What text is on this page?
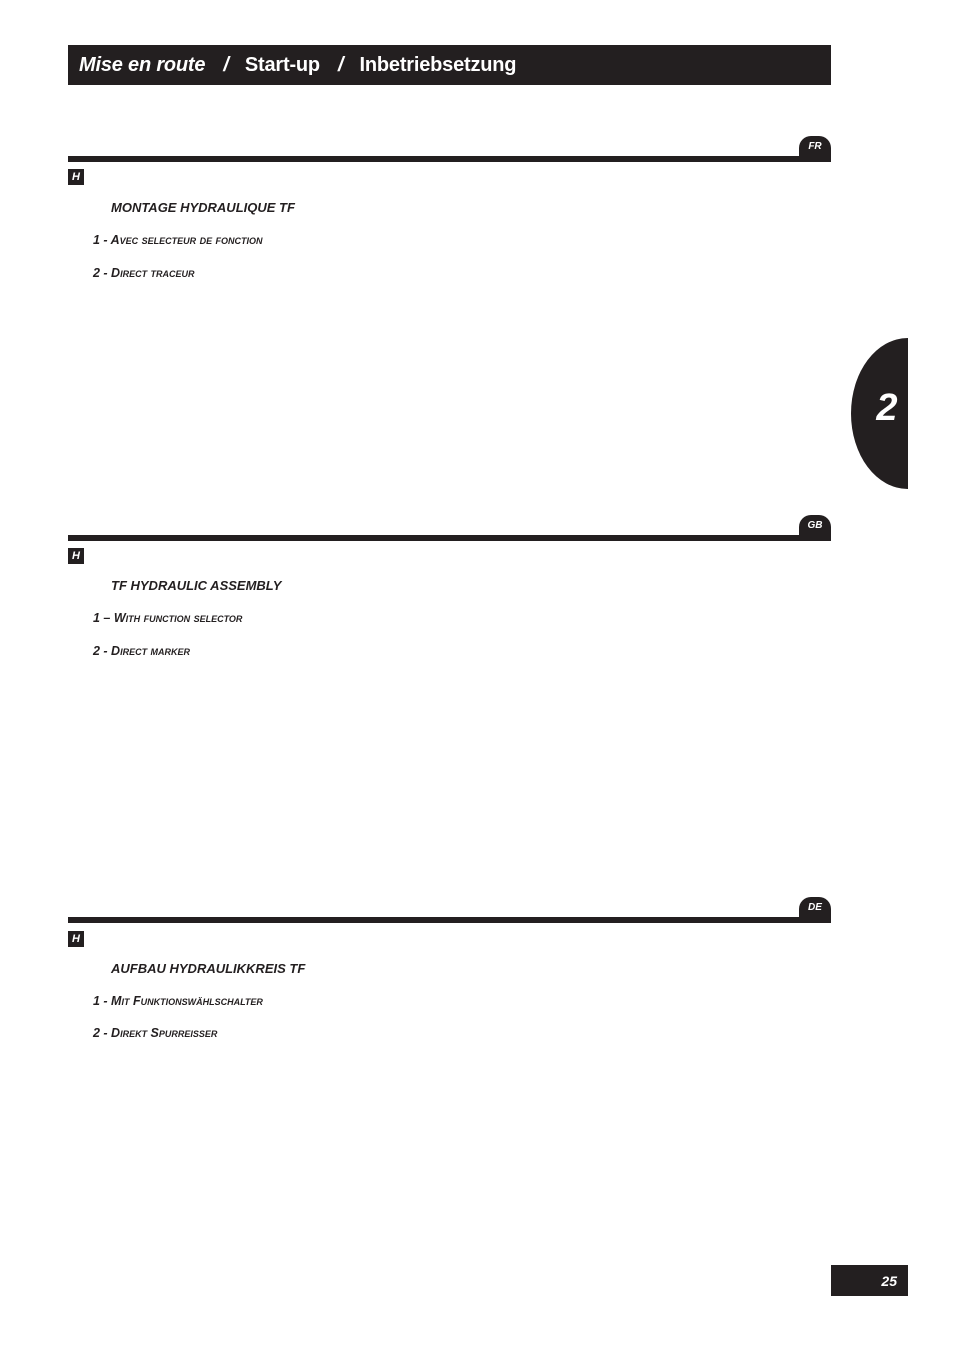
Mise en route / Start-up / Inbetriebsetzung
FR
H
MONTAGE HYDRAULIQUE TF
1 - Avec selecteur de fonction
2 - Direct traceur
GB
H
TF HYDRAULIC ASSEMBLY
1 – With function selector
2 - Direct marker
DE
H
AUFBAU HYDRAULIKKREIS TF
1 - Mit Funktionswählschalter
2 - Direkt Spurreisser
2
25
